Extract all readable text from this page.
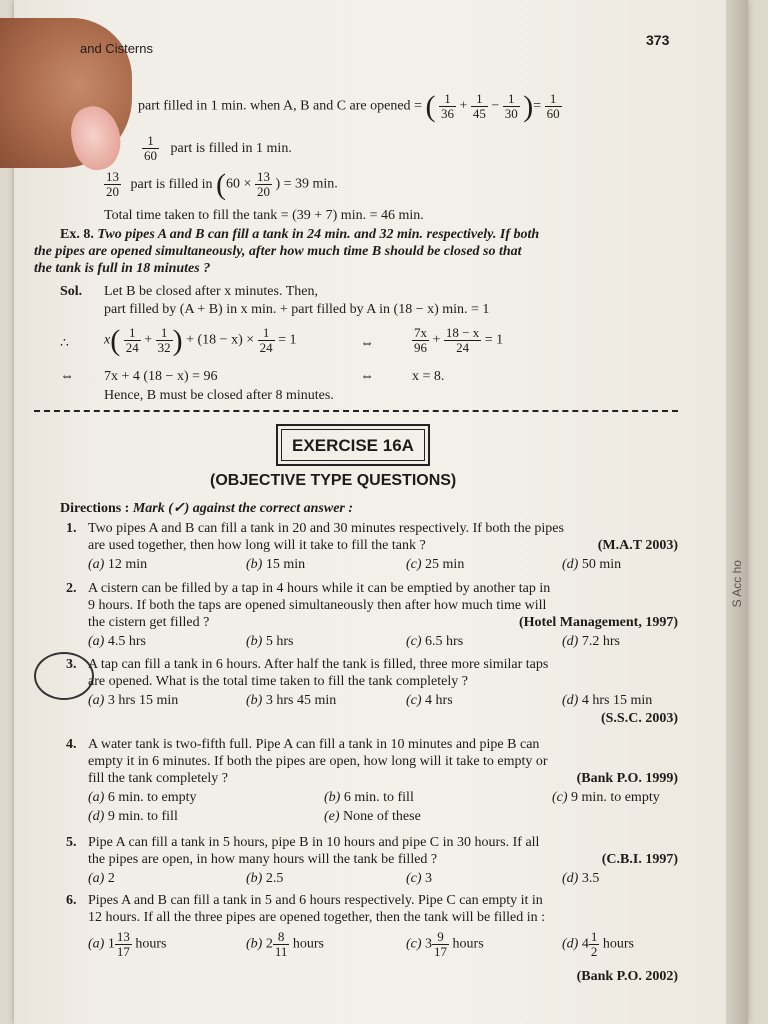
S Acc ho
and Cisterns
373
part filled in 1 min. when A, B and C are opened = ( $\frac{1}{36} + \frac{1}{45} - \frac{1}{30}$ )= $\frac{1}{60}$
$\frac{1}{60}$ part is filled in 1 min.
$\frac{13}{20}$ part is filled in ($60 \times \frac{13}{20}$ ) = 39 min.
Total time taken to fill the tank = (39 + 7) min. = 46 min.
Ex. 8. Two pipes A and B can fill a tank in 24 min. and 32 min. respectively. If both
the pipes are opened simultaneously, after how much time B should be closed so that
the tank is full in 18 minutes ?
Sol. Let B be closed after x minutes. Then,
part filled by (A + B) in x min. + part filled by A in (18 − x) min. = 1
∴	$x( \frac{1}{24} + \frac{1}{32}$ ) + $(18 - x) \times \frac{1}{24} = 1$	⇔	$\frac{7x}{96} + \frac{18 - x}{24} = 1$
⇔ 7x + 4 (18 − x) = 96	⇔	x = 8.
Hence, B must be closed after 8 minutes.
EXERCISE 16A
(OBJECTIVE TYPE QUESTIONS)
Directions : Mark (✓) against the correct answer :
1. Two pipes A and B can fill a tank in 20 and 30 minutes respectively. If both the pipes
are used together, then how long will it take to fill the tank ?	(M.A.T 2003)
(a) 12 min	(b) 15 min	(c) 25 min	(d) 50 min
2. A cistern can be filled by a tap in 4 hours while it can be emptied by another tap in
9 hours. If both the taps are opened simultaneously then after how much time will
the cistern get filled ?	(Hotel Management, 1997)
(a) 4.5 hrs	(b) 5 hrs	(c) 6.5 hrs	(d) 7.2 hrs
3. A tap can fill a tank in 6 hours. After half the tank is filled, three more similar taps
are opened. What is the total time taken to fill the tank completely ?
(a) 3 hrs 15 min	(b) 3 hrs 45 min	(c) 4 hrs	(d) 4 hrs 15 min
(S.S.C. 2003)
4. A water tank is two-fifth full. Pipe A can fill a tank in 10 minutes and pipe B can
empty it in 6 minutes. If both the pipes are open, how long will it take to empty or
fill the tank completely ?	(Bank P.O. 1999)
(a) 6 min. to empty	(b) 6 min. to fill	(c) 9 min. to empty
(d) 9 min. to fill	(e) None of these
5. Pipe A can fill a tank in 5 hours, pipe B in 10 hours and pipe C in 30 hours. If all
the pipes are open, in how many hours will the tank be filled ?	(C.B.I. 1997)
(a) 2	(b) 2.5	(c) 3	(d) 3.5
6. Pipes A and B can fill a tank in 5 and 6 hours respectively. Pipe C can empty it in
12 hours. If all the three pipes are opened together, then the tank will be filled in :
(Bank P.O. 2002)
(a) $1 \frac{13}{17}$ hours	(b) $2 \frac{8}{11}$ hours	(c) $3 \frac{9}{17}$ hours	(d) $4 \frac{1}{2}$ hours
